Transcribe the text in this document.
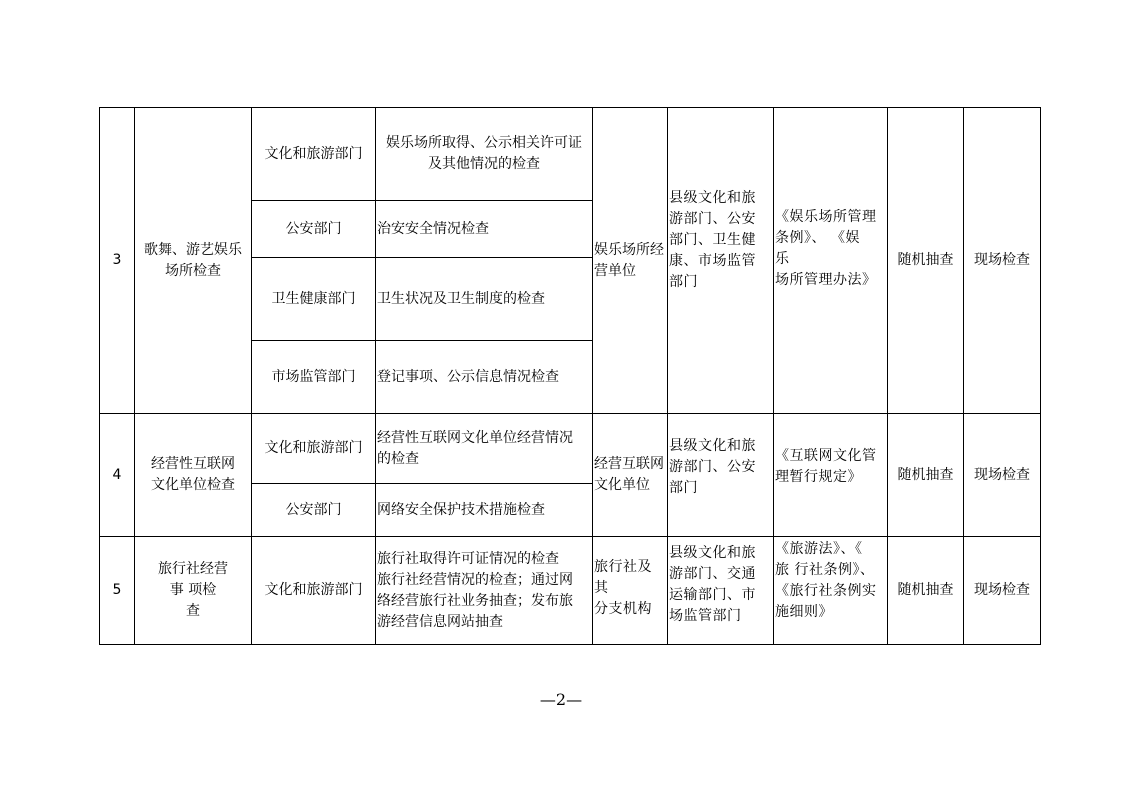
3	歌舞、游艺娱乐
场所检查	文化和旅游部门	娱乐场所取得、公示相关许可证
及其他情况的检查	娱乐场所经
营单位	县级文化和旅
游部门、公安
部门、卫生健
康、市场监管
部门	《娱乐场所管理
条例》、 《娱
乐
场所管理办法》	随机抽查	现场检查
		公安部门	治安安全情况检查					
		卫生健康部门	卫生状况及卫生制度的检查					
		市场监管部门	登记事项、公示信息情况检查					
4	经营性互联网
文化单位检查	文化和旅游部门	经营性互联网文化单位经营情况
的检查	经营互联网
文化单位	县级文化和旅
游部门、公安
部门	《互联网文化管
理暂行规定》	随机抽查	现场检查
		公安部门	网络安全保护技术措施检查					
5	旅行社经营
事 项检
查	文化和旅游部门	旅行社取得许可证情况的检查
旅行社经营情况的检查；通过网
络经营旅行社业务抽查；发布旅
游经营信息网站抽查	旅行社及其
分支机构	县级文化和旅
游部门、交通
运输部门、市
场监管部门	《旅游法》、《
旅 行社条例》、
《旅行社条例实
施细则》	随机抽查	现场检查
—2—
